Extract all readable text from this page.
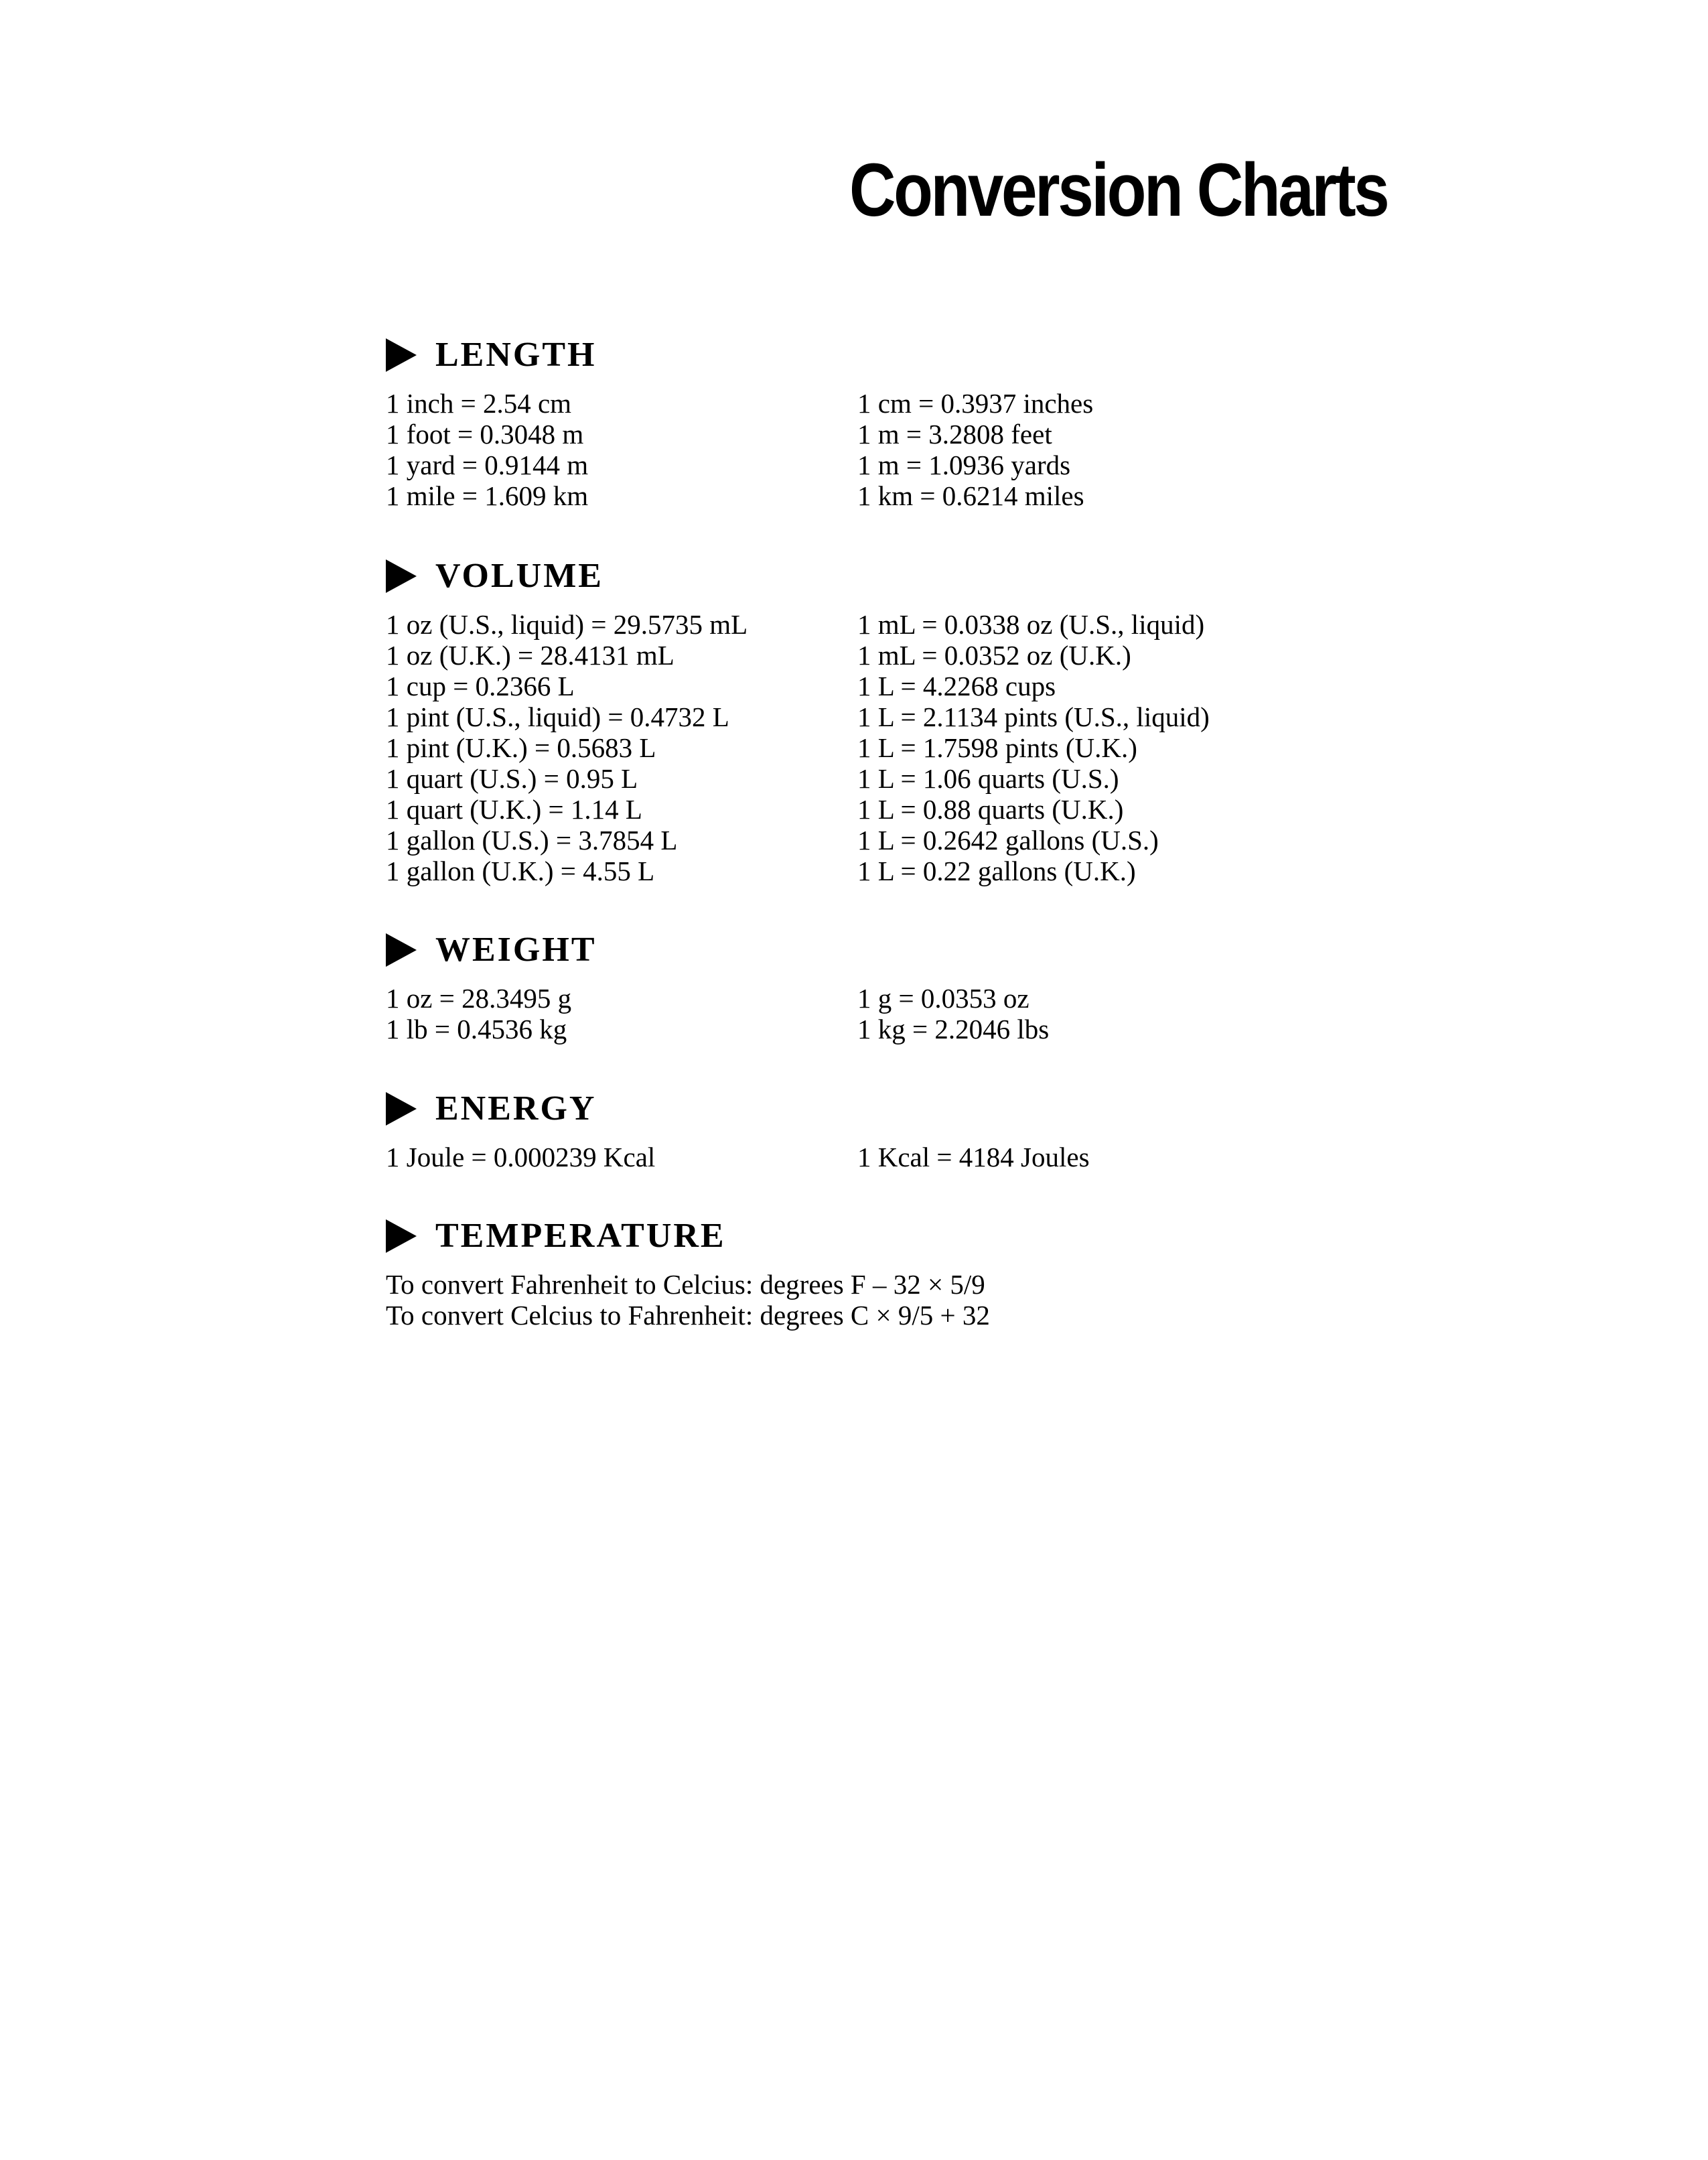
Conversion Charts
LENGTH
1 inch = 2.54 cm
1 foot = 0.3048 m
1 yard = 0.9144 m
1 mile = 1.609 km
1 cm = 0.3937 inches
1 m = 3.2808 feet
1 m = 1.0936 yards
1 km = 0.6214 miles
VOLUME
1 oz (U.S., liquid) = 29.5735 mL
1 oz (U.K.) = 28.4131 mL
1 cup = 0.2366 L
1 pint (U.S., liquid) = 0.4732 L
1 pint (U.K.) = 0.5683 L
1 quart (U.S.) = 0.95 L
1 quart (U.K.) = 1.14 L
1 gallon (U.S.) = 3.7854 L
1 gallon (U.K.) = 4.55 L
1 mL = 0.0338 oz (U.S., liquid)
1 mL = 0.0352 oz (U.K.)
1 L = 4.2268 cups
1 L = 2.1134 pints (U.S., liquid)
1 L = 1.7598 pints (U.K.)
1 L = 1.06 quarts (U.S.)
1 L = 0.88 quarts (U.K.)
1 L = 0.2642 gallons (U.S.)
1 L = 0.22 gallons (U.K.)
WEIGHT
1 oz = 28.3495 g
1 lb = 0.4536 kg
1 g = 0.0353 oz
1 kg = 2.2046 lbs
ENERGY
1 Joule = 0.000239 Kcal	1 Kcal = 4184 Joules
TEMPERATURE
To convert Fahrenheit to Celcius: degrees F – 32 × 5/9
To convert Celcius to Fahrenheit: degrees C × 9/5 + 32
